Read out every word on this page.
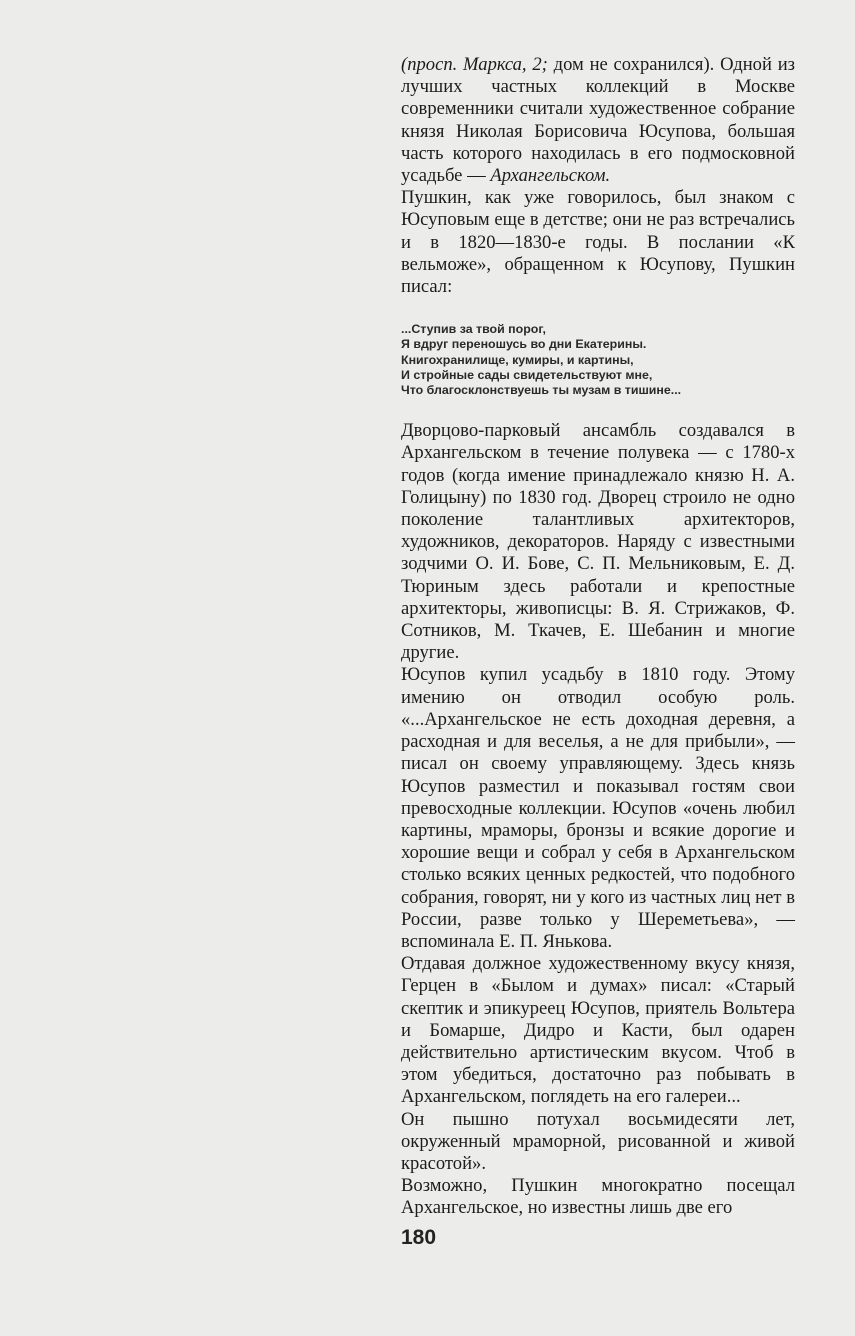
(просп. Маркса, 2; дом не сохранился). Одной из лучших частных коллекций в Москве современники считали художественное собрание князя Николая Борисовича Юсупова, большая часть которого находилась в его подмосковной усадьбе — Архангельском.

Пушкин, как уже говорилось, был знаком с Юсуповым еще в детстве; они не раз встречались и в 1820—1830-е годы. В послании «К вельможе», обращенном к Юсупову, Пушкин писал:

...Ступив за твой порог,
Я вдруг переношусь во дни Екатерины.
Книгохранилище, кумиры, и картины,
И стройные сады свидетельствуют мне,
Что благосклонствуешь ты музам в тишине...

Дворцово-парковый ансамбль создавался в Архангельском в течение полувека — с 1780-х годов (когда имение принадлежало князю Н. А. Голицыну) по 1830 год. Дворец строило не одно поколение талантливых архитекторов, художников, декораторов. Наряду с известными зодчими О. И. Бове, С. П. Мельниковым, Е. Д. Тюриным здесь работали и крепостные архитекторы, живописцы: В. Я. Стрижаков, Ф. Сотников, М. Ткачев, Е. Шебанин и многие другие.

Юсупов купил усадьбу в 1810 году. Этому имению он отводил особую роль. «...Архангельское не есть доходная деревня, а расходная и для веселья, а не для прибыли», — писал он своему управляющему. Здесь князь Юсупов разместил и показывал гостям свои превосходные коллекции. Юсупов «очень любил картины, мраморы, бронзы и всякие дорогие и хорошие вещи и собрал у себя в Архангельском столько всяких ценных редкостей, что подобного собрания, говорят, ни у кого из частных лиц нет в России, разве только у Шереметьева», — вспоминала Е. П. Янькова.

Отдавая должное художественному вкусу князя, Герцен в «Былом и думах» писал: «Старый скептик и эпикуреец Юсупов, приятель Вольтера и Бомарше, Дидро и Касти, был одарен действительно артистическим вкусом. Чтоб в этом убедиться, достаточно раз побывать в Архангельском, поглядеть на его галереи...

Он пышно потухал восьмидесяти лет, окруженный мраморной, рисованной и живой красотой».

Возможно, Пушкин многократно посещал Архангельское, но известны лишь две его

180
